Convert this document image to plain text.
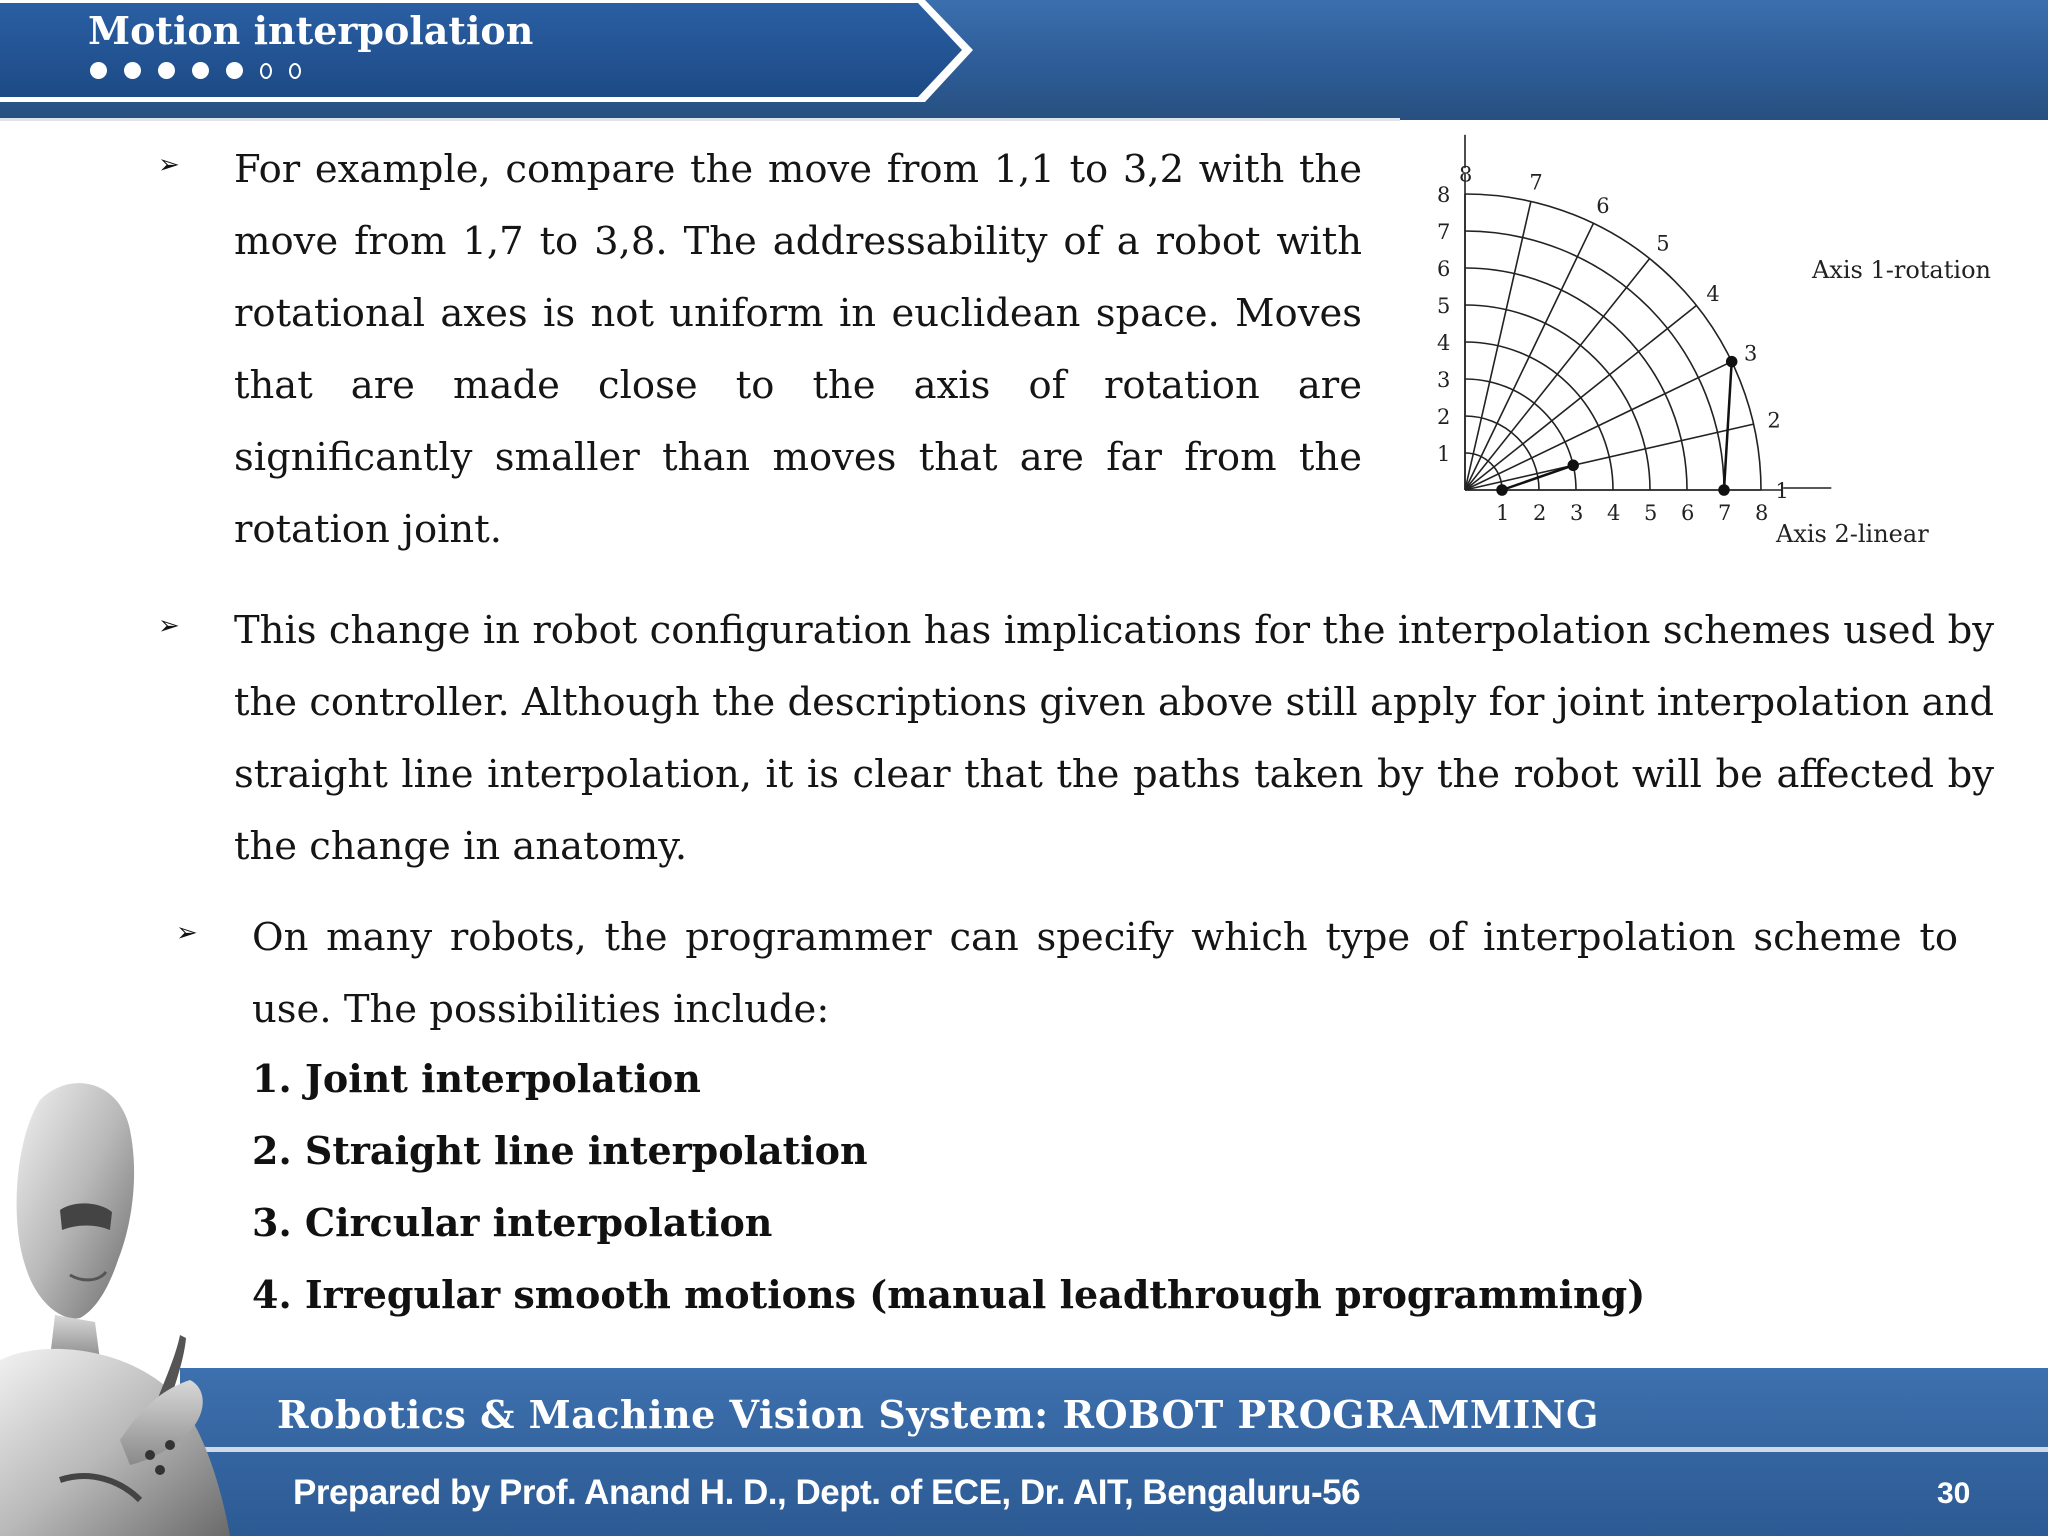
Motion interpolation
➢ For example, compare the move from 1,1 to 3,2 with the move from 1,7 to 3,8. The addressability of a robot with rotational axes is not uniform in euclidean space. Moves that are made close to the axis of rotation are significantly smaller than moves that are far from the rotation joint.	1 2 3 4 5 6 7 8
1
2
3
4
5
6
7
8
1
2
3
4
5
6
7
8
Axis 1-rotation
Axis 2-linear
➢ This change in robot configuration has implications for the interpolation schemes used by the controller. Although the descriptions given above still apply for joint interpolation and straight line interpolation, it is clear that the paths taken by the robot will be affected by the change in anatomy.
➢ On many robots, the programmer can specify which type of interpolation scheme to use. The possibilities include:
1. Joint interpolation
2. Straight line interpolation
3. Circular interpolation
4. Irregular smooth motions (manual leadthrough programming)
Robotics & Machine Vision System: ROBOT PROGRAMMING
Prepared by Prof. Anand H. D., Dept. of ECE, Dr. AIT, Bengaluru-56	30
